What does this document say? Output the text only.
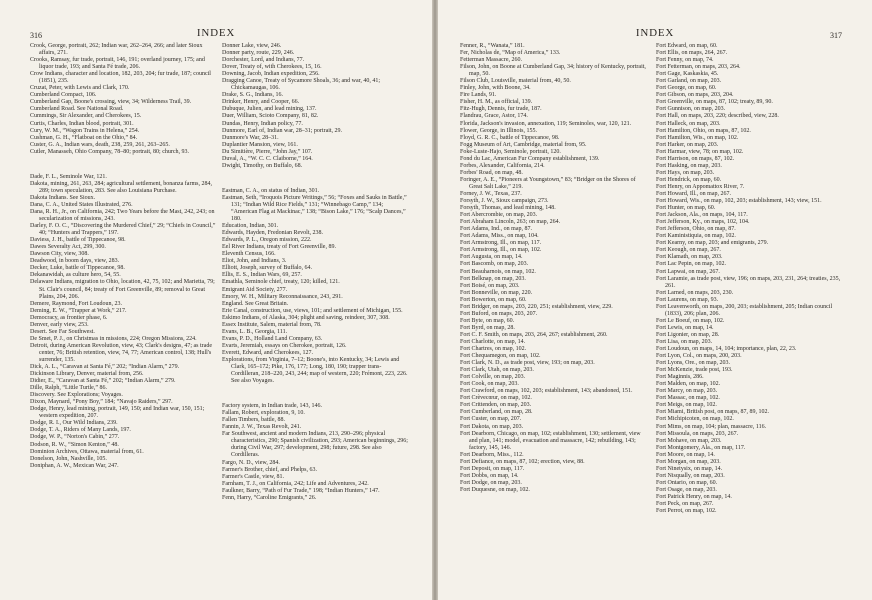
316	INDEX

Crook, George, portrait, 262; Indian war, 262–264, 266; and later Sioux affairs, 271.

Crooks, Ramsay, fur trade, portrait, 146, 191; overland journey, 175; and liquor trade, 193; and Santa Fé trade, 206.

Crow Indians, character and location, 182, 203, 204; fur trade, 187; council (1851), 235.

Cruzat, Peter, with Lewis and Clark, 170.

Cumberland Compact, 106.

Cumberland Gap, Boone's crossing, view, 34; Wilderness Trail, 39.

Cumberland Road. See National Road.

Cummings, Sir Alexander, and Cherokees, 15.

Curtis, Charles, Indian blood, portrait, 301.

Cury, W. M., “Wagon Trains in Helena,” 254.

Cushman, G. H., “Flatboat on the Ohio,” 84.

Custer, G. A., Indian wars, death, 238, 259, 261, 263–265.

Cutler, Manasseh, Ohio Company, 78–80; portrait, 80; church, 93.

Dade, F. L., Seminole War, 121.

Dakota, mining, 261, 263, 284; agricultural settlement, bonanza farms, 284, 289; town speculation, 283. See also Louisiana Purchase.

Dakota Indians. See Sioux.

Dana, C. A., United States Illustrated, 276.

Dana, R. H., Jr., on California, 242; Two Years before the Mast, 242, 243; on secularization of missions, 243.

Darley, F. O. C., “Discovering the Murdered Chief,” 29; “Chiefs in Council,” 40; “Hunters and Trappers,” 197.

Daviess, J. H., battle of Tippecanoe, 98.

Dawes Severalty Act, 299, 300.

Dawson City, view, 308.

Deadwood, in boom days, view, 283.

Decker, Luke, battle of Tippecanoe, 98.

Dekanawidah, as culture hero, 54, 55.

Delaware Indians, migration to Ohio, location, 42, 75, 102; and Marietta, 79; St. Clair's council, 84; treaty of Fort Greenville, 89; removal to Great Plains, 204, 206.

Demere, Raymond, Fort Loudoun, 23.

Deming, E. W., “Trapper at Work,” 217.

Democracy, as frontier phase, 6.

Denver, early view, 253.

Desert. See Far Southwest.

De Smet, P. J., on Christmas in missions, 224; Oregon Missions, 224.

Detroit, during American Revolution, view, 43; Clark's designs, 47; as trade center, 76; British retention, view, 74, 77; American control, 138; Hull's surrender, 135.

Dick, A. L., “Caravan at Santa Fé,” 202; “Indian Alarm,” 279.

Dickinson Library, Denver, material from, 256.

Didier, E., “Caravan at Santa Fé,” 202; “Indian Alarm,” 279.

Dille, Ralph, “Little Turtle,” 86.

Discovery. See Explorations; Voyages.

Dixon, Maynard, “Pony Boy,” 184; “Navajo Raiders,” 297.

Dodge, Henry, lead mining, portrait, 149, 150; and Indian war, 150, 151; western expedition, 207.

Dodge, R. I., Our Wild Indians, 239.

Dodge, T. A., Riders of Many Lands, 197.

Dodge, W. P., “Norton's Cabin,” 277.

Dodson, R. W., “Simon Kenton,” 48.

Dominion Archives, Ottawa, material from, 61.

Donelson, John, Nashville, 105.

Doniphan, A. W., Mexican War, 247.

Donner Lake, view, 246.

Donner party, route, 229, 246.

Dorchester, Lord, and Indians, 77.

Dover, Treaty of, with Cherokees, 15, 16.

Downing, Jacob, Indian expedition, 256.

Dragging Canoe, Treaty of Sycamore Shoals, 36; and war, 40, 41; Chickamaugas, 106.

Drake, S. G., Indians, 16.

Drinker, Henry, and Cooper, 66.

Dubuque, Julien, and lead mining, 137.

Duer, William, Scioto Company, 81, 82.

Dundas, Henry, Indian policy, 77.

Dunmore, Earl of, Indian war, 28–31; portrait, 29.

Dunmore's War, 28–31.

Duplantier Mansion, view, 161.

Du Simitière, Pierre, “John Jay,” 107.

Duval, A., “W. C. C. Claiborne,” 164.

Dwight, Timothy, on Buffalo, 68.

Eastman, C. A., on status of Indian, 301.

Eastman, Seth, “Iroquois Picture Writings,” 56; “Foxes and Sauks in Battle,” 131; “Indian Wild Rice Fields,” 131; “Winnebago Camp,” 134; “American Flag at Mackinac,” 138; “Bison Lake,” 176; “Scalp Dances,” 180.

Education, Indian, 301.

Edwards, Hayden, Fredonian Revolt, 238.

Edwards, P. L., Oregon mission, 222.

Eel River Indians, treaty of Fort Greenville, 89.

Eleventh Census, 166.

Eliot, John, and Indians, 3.

Elliott, Joseph, survey of Buffalo, 64.

Ellis, E. S., Indian Wars, 69, 257.

Emathla, Seminole chief, treaty, 120; killed, 121.

Emigrant Aid Society, 277.

Emory, W. H., Military Reconnaissance, 243, 291.

England. See Great Britain.

Erie Canal, construction, use, views, 101; and settlement of Michigan, 155.

Eskimo Indians, of Alaska, 304; plight and saving, reindeer, 307, 308.

Essex Institute, Salem, material from, 78.

Evans, L. B., Georgia, 111.

Evans, P. D., Holland Land Company, 63.

Evarts, Jeremiah, essays on Cherokee, portrait, 126.

Everett, Edward, and Cherokees, 127.

Explorations, from Virginia, 7–12; Boone's, into Kentucky, 34; Lewis and Clark, 165–172; Pike, 176, 177; Long, 180, 190; trapper trans-Cordilleran, 218–220, 243, 244; map of western, 220; Frémont, 223, 226. See also Voyages.

Factory system, in Indian trade, 143, 146.

Fallam, Robert, exploration, 9, 10.

Fallen Timbers, battle, 88.

Fannin, J. W., Texas Revolt, 241.

Far Southwest, ancient and modern Indians, 213, 290–296; physical characteristics, 290; Spanish civilization, 293; American beginnings, 296; during Civil War, 297; development, 298; future, 298. See also Cordilleras.

Fargo, N. D., view, 284.

Farmer's Brother, chief, and Phelps, 63.

Farmer's Castle, view, 81.

Farnham, T. J., on California, 242; Life and Adventures, 242.

Faulkner, Barry, “Path of Fur Trade,” 198; “Indian Hunters,” 147.

Fenn, Harry, “Caroline Emigrants,” 26.

317
INDEX

Fenner, R., “Wanata,” 181.

Fer, Nicholas de, “Map of America,” 133.

Fetterman Massacre, 260.

Filson, John, on Boone at Cumberland Gap, 34; history of Kentucky, portrait, map, 50.

Filson Club, Louisville, material from, 40, 50.

Finley, John, with Boone, 34.

Fire Lands, 91.

Fisher, H. M., as official, 139.

Fitz-Hugh, Dennis, fur trade, 187.

Flandrau, Grace, Astor, 174.

Florida, Jackson's invasion, annexation, 119; Seminoles, war, 120, 121.

Flower, George, in Illinois, 155.

Floyd, G. R. C., battle of Tippecanoe, 98.

Fogg Museum of Art, Cambridge, material from, 95.

Foke-Luste-Hajo, Seminole, portrait, 120.

Fond du Lac, American Fur Company establishment, 139.

Forbes, Alexander, California, 214.

Forbes' Road, on map, 48.

Foringer, A. E., “Pioneers at Youngstown,” 83; “Bridger on the Shores of Great Salt Lake,” 219.

Forney, J. W., Texas, 237.

Forsyth, J. W., Sioux campaign, 273.

Forsyth, Thomas, and lead mining, 148.

Fort Abercrombie, on map, 203.

Fort Abraham Lincoln, 263; on map, 264.

Fort Adams, Ind., on map, 87.

Fort Adams, Miss., on map, 104.

Fort Armstrong, Ill., on map, 117.

Fort Armstrong, Ill., on map, 102.

Fort Augusta, on map, 14.

Fort Bascomb, on map, 203.

Fort Beauharnois, on map, 102.

Fort Belknap, on map, 203.

Fort Boisé, on map, 203.

Fort Bonneville, on map, 220.

Fort Bowerton, on map, 60.

Fort Bridger, on maps, 203, 220, 251; establishment, view, 229.

Fort Buford, on maps, 203, 207.

Fort Byte, on map, 60.

Fort Byrd, on map, 28.

Fort C. F. Smith, on maps, 203, 264, 267; establishment, 260.

Fort Charlotte, on map, 14.

Fort Chartres, on map, 102.

Fort Chequamegon, on map, 102.

Fort Clark, N. D., as trade post, view, 193; on map, 203.

Fort Clark, Utah, on map, 203.

Fort Colville, on map, 203.

Fort Cook, on map, 203.

Fort Crawford, on maps, 102, 203; establishment, 143; abandoned, 151.

Fort Crèvecœur, on map, 102.

Fort Crittenden, on map, 203.

Fort Cumberland, on map, 28.

Fort Custer, on map, 207.

Fort Dakota, on map, 203.

Fort Dearborn, Chicago, on map, 102; establishment, 130; settlement, view and plan, 141; model, evacuation and massacre, 142; rebuilding, 143; factory, 145, 146.

Fort Dearborn, Miss., 112.

Fort Defiance, on maps, 87, 102; erection, view, 88.

Fort Deposit, on map, 117.

Fort Dobbs, on map, 14.

Fort Dodge, on map, 203.

Fort Duquesne, on map, 102.

Fort Edward, on map, 60.

Fort Ellis, on maps, 264, 267.

Fort Fenny, on map, 74.

Fort Fetterman, on maps, 203, 264.

Fort Gage, Kaskaskia, 45.

Fort Garland, on map, 203.

Fort George, on map, 60.

Fort Gibson, on maps, 203, 204.

Fort Greenville, on maps, 87, 102; treaty, 89, 90.

Fort Gunnison, on map, 203.

Fort Hall, on maps, 203, 220; described, view, 228.

Fort Halleck, on map, 203.

Fort Hamilton, Ohio, on maps, 87, 102.

Fort Hamilton, Wis., on map, 102.

Fort Harker, on map, 203.

Fort Harmar, view, 78; on map, 102.

Fort Harrison, on maps, 87, 102.

Fort Hasking, on map, 203.

Fort Hays, on map, 203.

Fort Hendrick, on map, 60.

Fort Henry, on Appomattox River, 7.

Fort Howard, Ill., on map, 267.

Fort Howard, Wis., on map, 102, 203; establishment, 143; view, 151.

Fort Hunter, on map, 60.

Fort Jackson, Ala., on maps, 104, 117.

Fort Jefferson, Ky., on maps, 102, 104.

Fort Jefferson, Ohio, on map, 87.

Fort Kaministiquia, on map, 102.

Fort Kearny, on map, 203; and emigrants, 279.

Fort Keough, on map, 267.

Fort Klamath, on map, 203.

Fort Lac Pepin, on map, 102.

Fort Lapwai, on map, 267.

Fort Laramie, as trade post, view, 196; on maps, 203, 231, 264; treaties, 235, 261.

Fort Larned, on maps, 203, 230.

Fort Laurens, on map, 93.

Fort Leavenworth, on maps, 200, 203; establishment, 205; Indian council (1833), 206; plan, 206.

Fort Le Boeuf, on map, 102.

Fort Lewis, on map, 14.

Fort Ligonier, on map, 28.

Fort Lisa, on map, 203.

Fort Loudoun, on maps, 14, 104; importance, plan, 22, 23.

Fort Lyon, Col., on maps, 200, 203.

Fort Lyons, Ore., on map, 203.

Fort McKenzie, trade post, 193.

Fort Maginnis, 286.

Fort Malden, on map, 102.

Fort Marcy, on map, 203.

Fort Massac, on map, 102.

Fort Meigs, on map, 102.

Fort Miami, British post, on maps, 87, 89, 102.

Fort Michipicoten, on map, 102.

Fort Mims, on map, 104; plan, massacre, 116.

Fort Missoula, on maps, 203, 267.

Fort Mohave, on map, 203.

Fort Montgomery, Ala., on map, 117.

Fort Moore, on map, 14.

Fort Morgan, on map, 203.

Fort Ninetysix, on map, 14.

Fort Nisqually, on map, 203.

Fort Ontario, on map, 60.

Fort Osage, on map, 203.

Fort Patrick Henry, on map, 14.

Fort Peck, on map, 267.

Fort Perrot, on map, 102.
